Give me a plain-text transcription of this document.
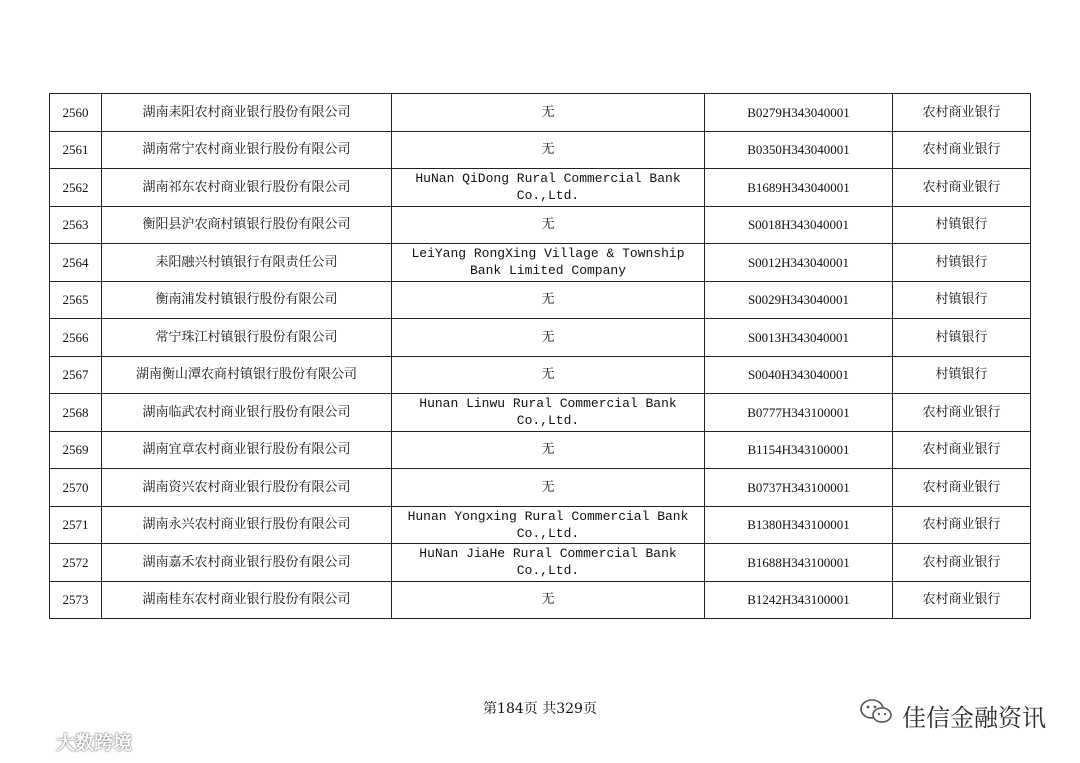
2560	湖南耒阳农村商业银行股份有限公司	无	B0279H343040001	农村商业银行
2561	湖南常宁农村商业银行股份有限公司	无	B0350H343040001	农村商业银行
2562	湖南祁东农村商业银行股份有限公司	HuNan QiDong Rural Commercial Bank Co.,Ltd.	B1689H343040001	农村商业银行
2563	衡阳县沪农商村镇银行股份有限公司	无	S0018H343040001	村镇银行
2564	耒阳融兴村镇银行有限责任公司	LeiYang RongXing Village & Township Bank Limited Company	S0012H343040001	村镇银行
2565	衡南浦发村镇银行股份有限公司	无	S0029H343040001	村镇银行
2566	常宁珠江村镇银行股份有限公司	无	S0013H343040001	村镇银行
2567	湖南衡山潭农商村镇银行股份有限公司	无	S0040H343040001	村镇银行
2568	湖南临武农村商业银行股份有限公司	Hunan Linwu Rural Commercial Bank Co.,Ltd.	B0777H343100001	农村商业银行
2569	湖南宜章农村商业银行股份有限公司	无	B1154H343100001	农村商业银行
2570	湖南资兴农村商业银行股份有限公司	无	B0737H343100001	农村商业银行
2571	湖南永兴农村商业银行股份有限公司	Hunan Yongxing Rural Commercial Bank Co.,Ltd.	B1380H343100001	农村商业银行
2572	湖南嘉禾农村商业银行股份有限公司	HuNan JiaHe Rural Commercial Bank Co.,Ltd.	B1688H343100001	农村商业银行
2573	湖南桂东农村商业银行股份有限公司	无	B1242H343100001	农村商业银行
第184页 共329页	佳信金融资讯
大数跨境
